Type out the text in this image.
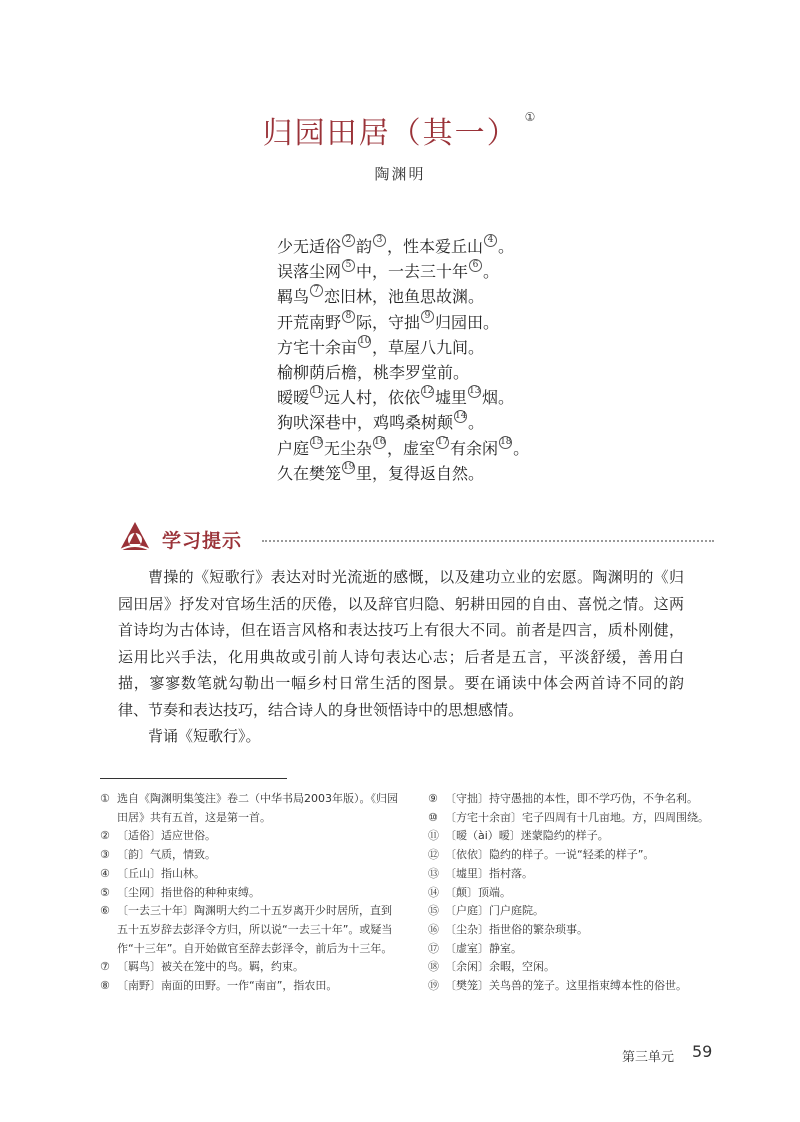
归园田居（其一） ①
陶渊明
少无适俗 2 韵 3 ，性本爱丘山 4 。
误落尘网 5 中，一去三十年 6 。
羁鸟 7 恋旧林，池鱼思故渊。
开荒南野 8 际，守拙 9 归园田。
方宅十余亩 10，草屋八九间。
榆柳荫后檐，桃李罗堂前。
暧暧 11远人村，依依 12墟里 13烟。
狗吠深巷中，鸡鸣桑树颠 14。
户庭 15无尘杂 16，虚室 17有余闲 18。
久在樊笼 19里，复得返自然。
学习提示

曹操的《短歌行》表达对时光流逝的感慨，以及建功立业的宏愿。陶渊明的《归园田居》抒发对官场生活的厌倦，以及辞官归隐、躬耕田园的自由、喜悦之情。这两首诗均为古体诗，但在语言风格和表达技巧上有很大不同。前者是四言，质朴刚健，运用比兴手法，化用典故或引前人诗句表达心志；后者是五言，平淡舒缓，善用白描，寥寥数笔就勾勒出一幅乡村日常生活的图景。要在诵读中体会两首诗不同的韵律、节奏和表达技巧，结合诗人的身世领悟诗中的思想感情。

背诵《短歌行》。

① 选自《陶渊明集笺注》卷二（中华书局2003年版）。《归园田居》共有五首，这是第一首。
② 〔适俗〕适应世俗。
③ 〔韵〕气质，情致。
④ 〔丘山〕指山林。
⑤ 〔尘网〕指世俗的种种束缚。
⑥ 〔一去三十年〕陶渊明大约二十五岁离开少时居所，直到五十五岁辞去彭泽令方归，所以说“一去三十年”。或疑当作“十三年”。自开始做官至辞去彭泽令，前后为十三年。
⑦ 〔羁鸟〕被关在笼中的鸟。羁，约束。
⑧ 〔南野〕南面的田野。一作“南亩”，指农田。
⑨ 〔守拙〕持守愚拙的本性，即不学巧伪，不争名利。
⑩ 〔方宅十余亩〕宅子四周有十几亩地。方，四周围绕。
⑪ 〔暧（ài）暧〕迷蒙隐约的样子。
⑫ 〔依依〕隐约的样子。一说“轻柔的样子”。
⑬ 〔墟里〕指村落。
⑭ 〔颠〕顶端。
⑮ 〔户庭〕门户庭院。
⑯ 〔尘杂〕指世俗的繁杂琐事。
⑰ 〔虚室〕静室。
⑱ 〔余闲〕余暇，空闲。
⑲ 〔樊笼〕关鸟兽的笼子。这里指束缚本性的俗世。
第三单元 59
